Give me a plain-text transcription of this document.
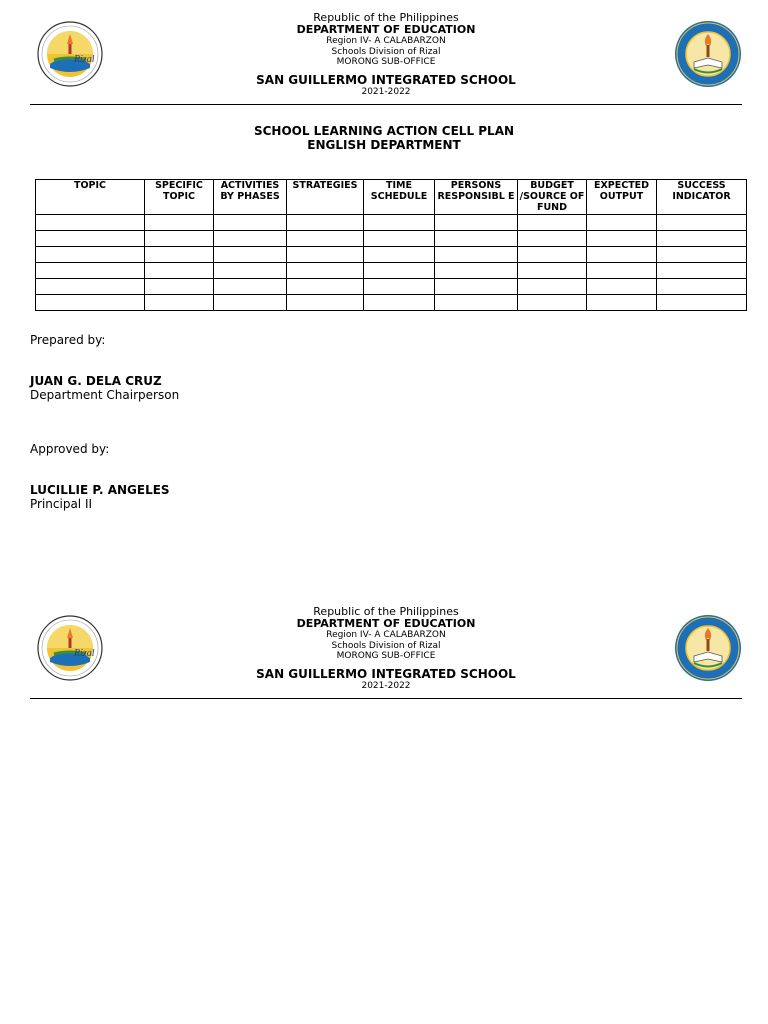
Rizal
Republic of the Philippines
DEPARTMENT OF EDUCATION
Region IV- A CALABARZON
Schools Division of Rizal
MORONG SUB-OFFICE
SAN GUILLERMO INTEGRATED SCHOOL
2021-2022
SCHOOL LEARNING ACTION CELL PLAN
ENGLISH DEPARTMENT
TOPIC	SPECIFIC TOPIC	ACTIVITIES BY PHASES	STRATEGIES	TIME SCHEDULE	PERSONS RESPONSIBL E	BUDGET /SOURCE OF FUND	EXPECTED OUTPUT	SUCCESS INDICATOR

Prepared by:
JUAN G. DELA CRUZ
Department Chairperson
Approved by:
LUCILLIE P. ANGELES
Principal II
Rizal
Republic of the Philippines
DEPARTMENT OF EDUCATION
Region IV- A CALABARZON
Schools Division of Rizal
MORONG SUB-OFFICE
SAN GUILLERMO INTEGRATED SCHOOL
2021-2022
